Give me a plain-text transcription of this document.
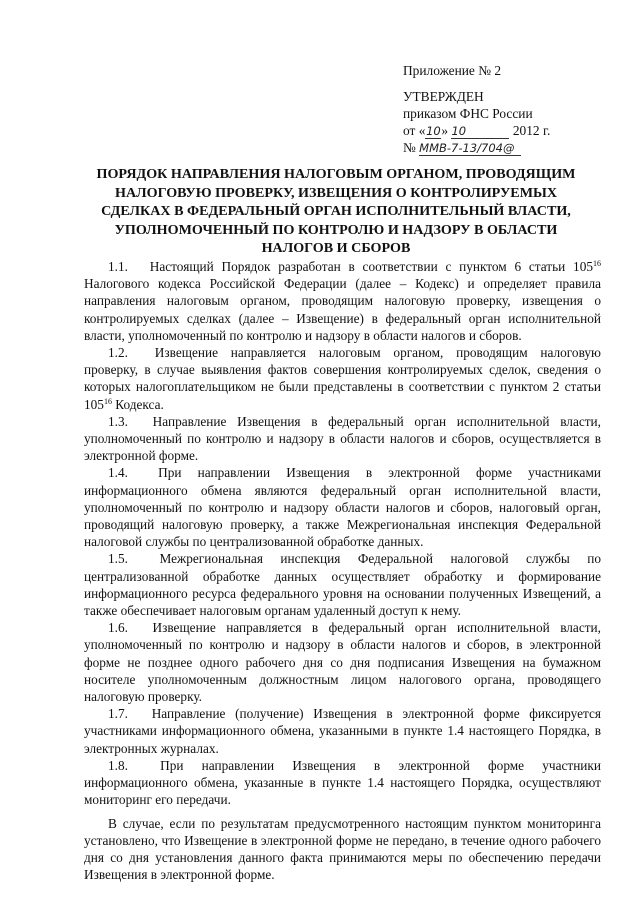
Приложение № 2
УТВЕРЖДЕН
приказом ФНС России
от «10» 10	2012 г.
№ ММВ-7-13/704@
ПОРЯДОК НАПРАВЛЕНИЯ НАЛОГОВЫМ ОРГАНОМ, ПРОВОДЯЩИМ НАЛОГОВУЮ ПРОВЕРКУ, ИЗВЕЩЕНИЯ О КОНТРОЛИРУЕМЫХ СДЕЛКАХ В ФЕДЕРАЛЬНЫЙ ОРГАН ИСПОЛНИТЕЛЬНЫЙ ВЛАСТИ, УПОЛНОМОЧЕННЫЙ ПО КОНТРОЛЮ И НАДЗОРУ В ОБЛАСТИ НАЛОГОВ И СБОРОВ

1.1. Настоящий Порядок разработан в соответствии с пунктом 6 статьи $105^{16}$ Налогового кодекса Российской Федерации (далее – Кодекс) и определяет правила направления налоговым органом, проводящим налоговую проверку, извещения о контролируемых сделках (далее – Извещение) в федеральный орган исполнительной власти, уполномоченный по контролю и надзору в области налогов и сборов.

1.2. Извещение направляется налоговым органом, проводящим налоговую проверку, в случае выявления фактов совершения контролируемых сделок, сведения о которых налогоплательщиком не были представлены в соответствии с пунктом 2 статьи $105^{16}$ Кодекса.

1.3. Направление Извещения в федеральный орган исполнительной власти, уполномоченный по контролю и надзору в области налогов и сборов, осуществляется в электронной форме.

1.4. При направлении Извещения в электронной форме участниками информационного обмена являются федеральный орган исполнительной власти, уполномоченный по контролю и надзору области налогов и сборов, налоговый орган, проводящий налоговую проверку, а также Межрегиональная инспекция Федеральной налоговой службы по централизованной обработке данных.

1.5. Межрегиональная инспекция Федеральной налоговой службы по централизованной обработке данных осуществляет обработку и формирование информационного ресурса федерального уровня на основании полученных Извещений, а также обеспечивает налоговым органам удаленный доступ к нему.

1.6. Извещение направляется в федеральный орган исполнительной власти, уполномоченный по контролю и надзору в области налогов и сборов, в электронной форме не позднее одного рабочего дня со дня подписания Извещения на бумажном носителе уполномоченным должностным лицом налогового органа, проводящего налоговую проверку.

1.7. Направление (получение) Извещения в электронной форме фиксируется участниками информационного обмена, указанными в пункте 1.4 настоящего Порядка, в электронных журналах.

1.8. При направлении Извещения в электронной форме участники информационного обмена, указанные в пункте 1.4 настоящего Порядка, осуществляют мониторинг его передачи.

В случае, если по результатам предусмотренного настоящим пунктом мониторинга установлено, что Извещение в электронной форме не передано, в течение одного рабочего дня со дня установления данного факта принимаются меры по обеспечению передачи Извещения в электронной форме.
